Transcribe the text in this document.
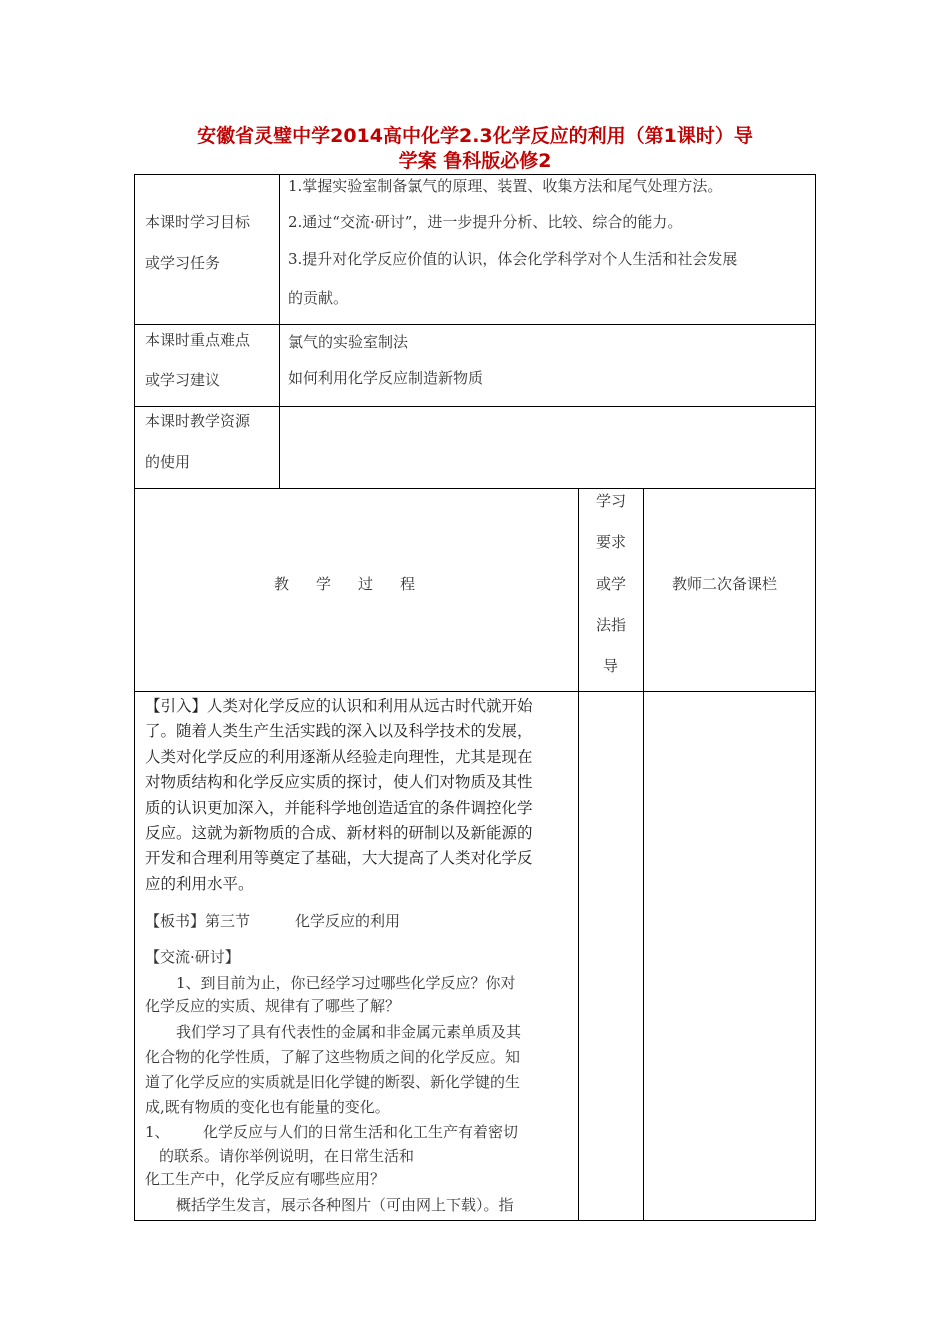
安徽省灵璧中学2014高中化学2.3化学反应的利用（第1课时）导
学案 鲁科版必修2
本课时学习目标
或学习任务
1.掌握实验室制备氯气的原理、装置、收集方法和尾气处理方法。
2.通过“交流·研讨”，进一步提升分析、比较、综合的能力。
3.提升对化学反应价值的认识，体会化学科学对个人生活和社会发展
的贡献。
本课时重点难点
或学习建议
氯气的实验室制法
如何利用化学反应制造新物质
本课时教学资源
的使用
教学过程
学习
要求
或学
法指
导
教师二次备课栏
【引入】人类对化学反应的认识和利用从远古时代就开始
了。随着人类生产生活实践的深入以及科学技术的发展，
人类对化学反应的利用逐渐从经验走向理性，尤其是现在
对物质结构和化学反应实质的探讨，使人们对物质及其性
质的认识更加深入，并能科学地创造适宜的条件调控化学
反应。这就为新物质的合成、新材料的研制以及新能源的
开发和合理利用等奠定了基础，大大提高了人类对化学反
应的利用水平。
【板书】第三节	化学反应的利用
【交流·研讨】
1、到目前为止，你已经学习过哪些化学反应？你对
化学反应的实质、规律有了哪些了解？
我们学习了具有代表性的金属和非金属元素单质及其
化合物的化学性质，了解了这些物质之间的化学反应。知
道了化学反应的实质就是旧化学键的断裂、新化学键的生
成,既有物质的变化也有能量的变化。
1、 化学反应与人们的日常生活和化工生产有着密切
的联系。请你举例说明，在日常生活和
化工生产中，化学反应有哪些应用？
概括学生发言，展示各种图片（可由网上下载）。指
